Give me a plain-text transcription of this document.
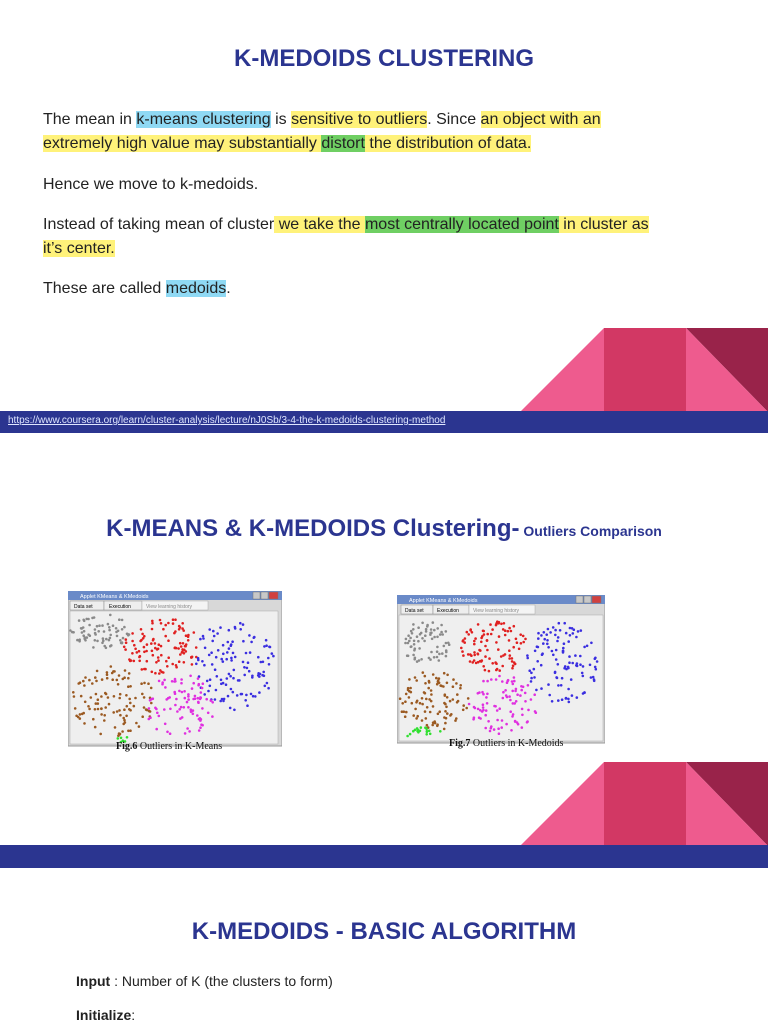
K-MEDOIDS CLUSTERING

The mean in k-means clustering is sensitive to outliers. Since an object with an extremely high value may substantially distort the distribution of data.

Hence we move to k-medoids.

Instead of taking mean of cluster we take the most centrally located point in cluster as it’s center.

These are called medoids.

https://www.coursera.org/learn/cluster-analysis/lecture/nJ0Sb/3-4-the-k-medoids-clustering-method
K-MEANS & K-MEDOIDS Clustering- Outliers Comparison
Applet KMeans & KMedoids
Data set	Execution	View learning history
Fig.6 Outliers in K-Means
Applet KMeans & KMedoids
Data set	Execution	View learning history
Fig.7 Outliers in K-Medoids
K-MEDOIDS - BASIC ALGORITHM
Input : Number of K (the clusters to form)
Initialize:
